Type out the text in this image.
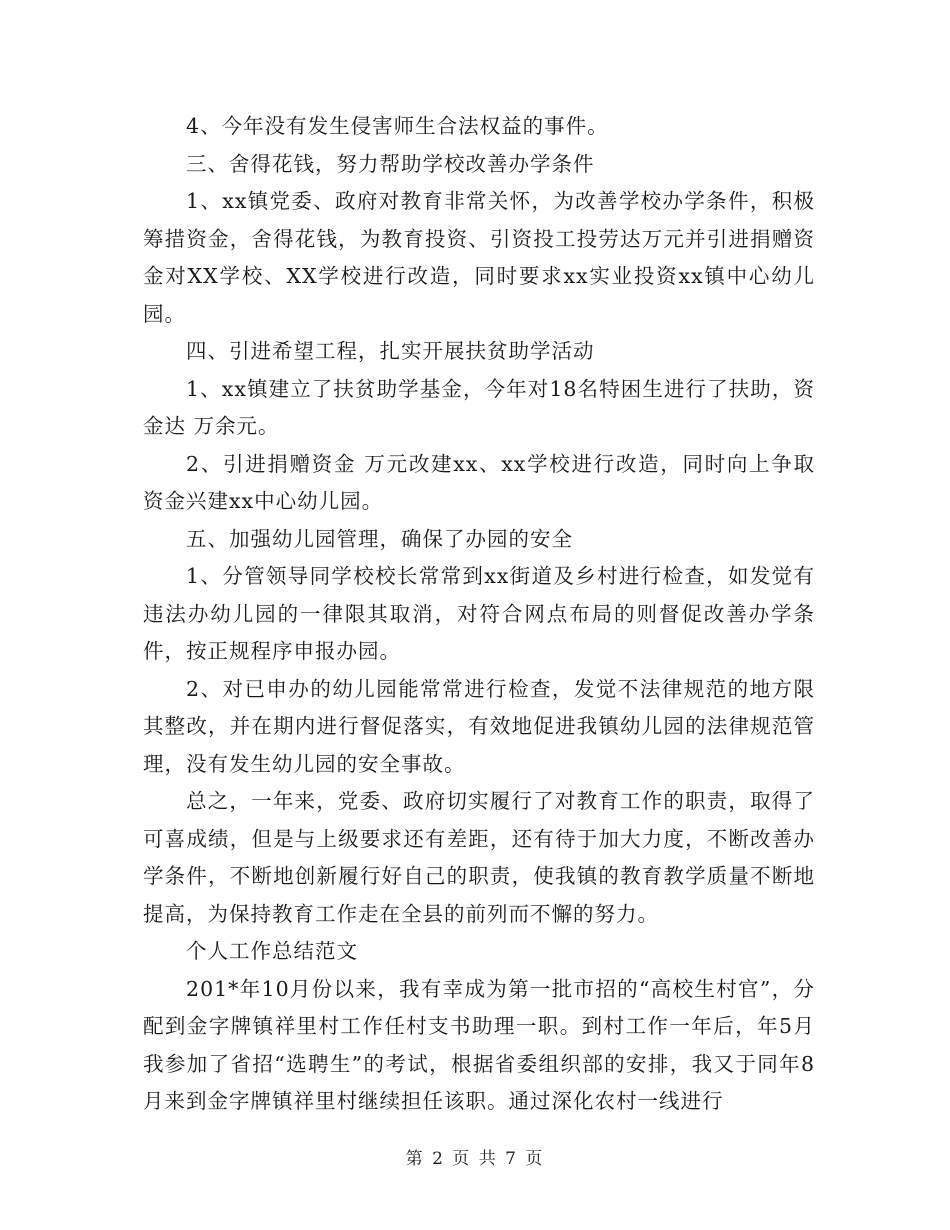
4、今年没有发生侵害师生合法权益的事件。

三、舍得花钱，努力帮助学校改善办学条件

1、xx镇党委、政府对教育非常关怀，为改善学校办学条件，积极筹措资金，舍得花钱，为教育投资、引资投工投劳达万元并引进捐赠资金对XX学校、XX学校进行改造，同时要求xx实业投资xx镇中心幼儿园。

四、引进希望工程，扎实开展扶贫助学活动

1、xx镇建立了扶贫助学基金，今年对18名特困生进行了扶助，资金达 万余元。

2、引进捐赠资金 万元改建xx、xx学校进行改造，同时向上争取资金兴建xx中心幼儿园。

五、加强幼儿园管理，确保了办园的安全

1、分管领导同学校校长常常到xx街道及乡村进行检查，如发觉有违法办幼儿园的一律限其取消，对符合网点布局的则督促改善办学条件，按正规程序申报办园。

2、对已申办的幼儿园能常常进行检查，发觉不法律规范的地方限其整改，并在期内进行督促落实，有效地促进我镇幼儿园的法律规范管理，没有发生幼儿园的安全事故。

总之，一年来，党委、政府切实履行了对教育工作的职责，取得了可喜成绩，但是与上级要求还有差距，还有待于加大力度，不断改善办学条件，不断地创新履行好自己的职责，使我镇的教育教学质量不断地提高，为保持教育工作走在全县的前列而不懈的努力。

个人工作总结范文

201*年10月份以来，我有幸成为第一批市招的“高校生村官”，分配到金字牌镇祥里村工作任村支书助理一职。到村工作一年后，年5月我参加了省招“选聘生”的考试，根据省委组织部的安排，我又于同年8月来到金字牌镇祥里村继续担任该职。通过深化农村一线进行

第 2 页 共 7 页
